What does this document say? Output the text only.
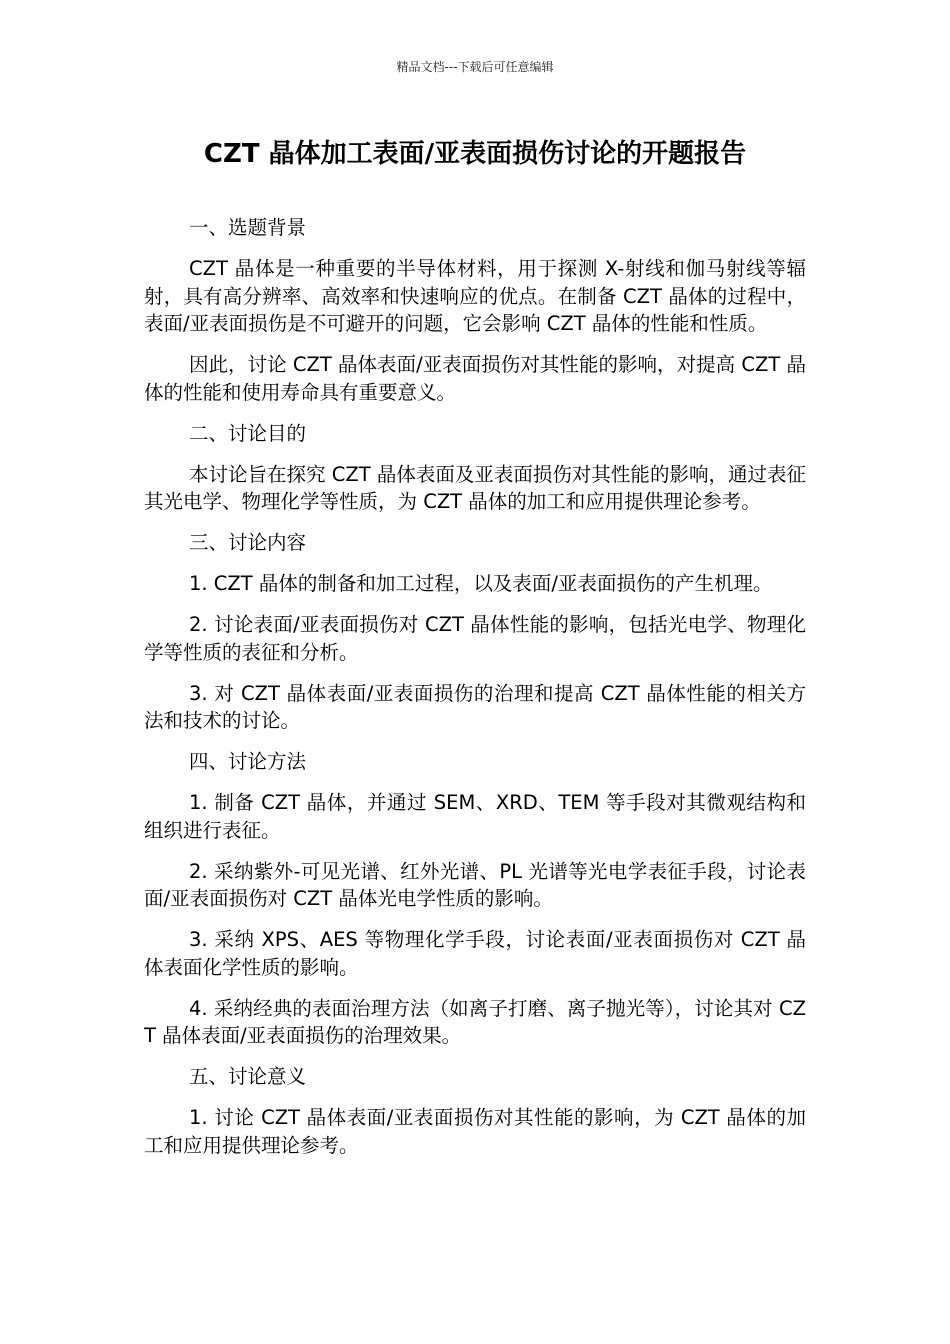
精品文档---下载后可任意编辑
CZT 晶体加工表面/亚表面损伤讨论的开题报告

一、选题背景

CZT 晶体是一种重要的半导体材料，用于探测 X-射线和伽马射线等辐射，具有高分辨率、高效率和快速响应的优点。在制备 CZT 晶体的过程中，表面/亚表面损伤是不可避开的问题，它会影响 CZT 晶体的性能和性质。

因此，讨论 CZT 晶体表面/亚表面损伤对其性能的影响，对提高 CZT 晶体的性能和使用寿命具有重要意义。

二、讨论目的

本讨论旨在探究 CZT 晶体表面及亚表面损伤对其性能的影响，通过表征其光电学、物理化学等性质，为 CZT 晶体的加工和应用提供理论参考。

三、讨论内容

1. CZT 晶体的制备和加工过程，以及表面/亚表面损伤的产生机理。

2. 讨论表面/亚表面损伤对 CZT 晶体性能的影响，包括光电学、物理化学等性质的表征和分析。

3. 对 CZT 晶体表面/亚表面损伤的治理和提高 CZT 晶体性能的相关方法和技术的讨论。

四、讨论方法

1. 制备 CZT 晶体，并通过 SEM、XRD、TEM 等手段对其微观结构和组织进行表征。

2. 采纳紫外-可见光谱、红外光谱、PL 光谱等光电学表征手段，讨论表面/亚表面损伤对 CZT 晶体光电学性质的影响。

3. 采纳 XPS、AES 等物理化学手段，讨论表面/亚表面损伤对 CZT 晶体表面化学性质的影响。

4. 采纳经典的表面治理方法（如离子打磨、离子抛光等），讨论其对 CZT 晶体表面/亚表面损伤的治理效果。

五、讨论意义

1. 讨论 CZT 晶体表面/亚表面损伤对其性能的影响，为 CZT 晶体的加工和应用提供理论参考。
